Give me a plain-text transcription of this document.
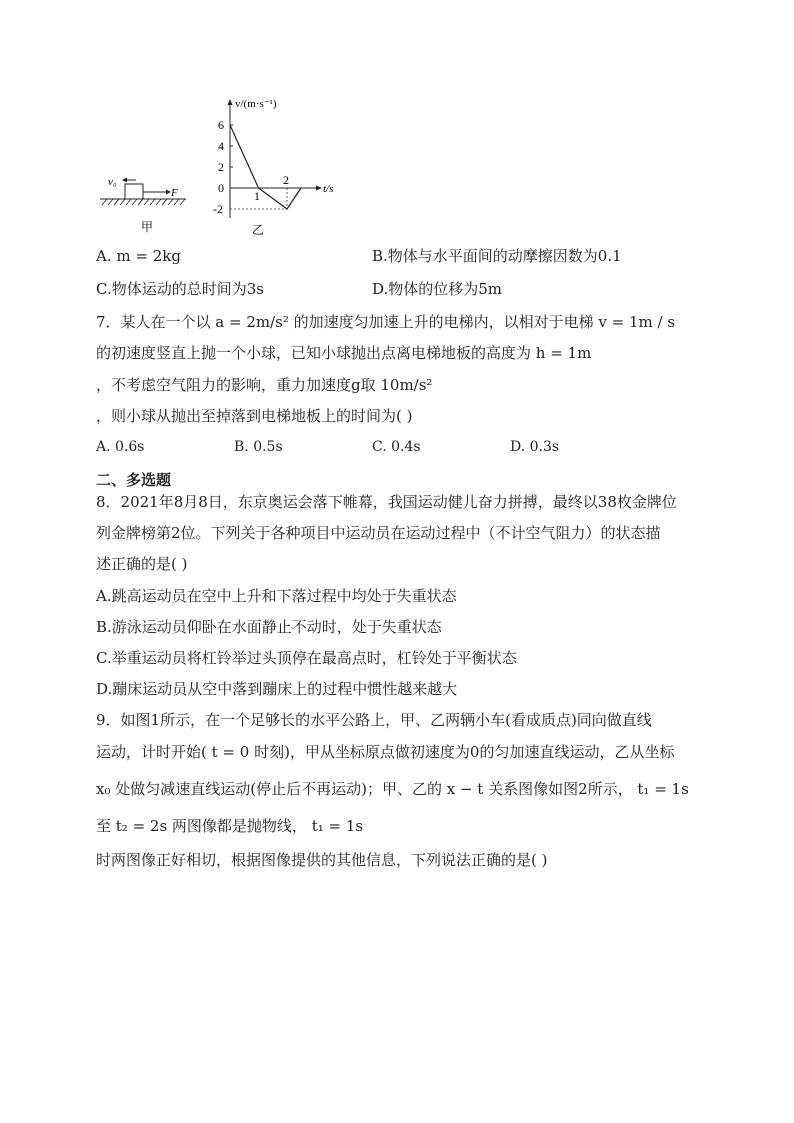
v₀
F
甲
v/(m·s⁻¹)
t/s
6
4
2
0
-2
1
2
乙
A. m = 2kg	B.物体与水平面间的动摩擦因数为0.1
C.物体运动的总时间为3s	D.物体的位移为5m
7．某人在一个以 a = 2m/s² 的加速度匀加速上升的电梯内，以相对于电梯 v = 1m / s
的初速度竖直上抛一个小球，已知小球抛出点离电梯地板的高度为 h = 1m
，不考虑空气阻力的影响，重力加速度g取 10m/s²
，则小球从抛出至掉落到电梯地板上的时间为( )
A. 0.6s	B. 0.5s	C. 0.4s	D. 0.3s
二、多选题
8．2021年8月8日，东京奥运会落下帷幕，我国运动健儿奋力拼搏，最终以38枚金牌位
列金牌榜第2位。下列关于各种项目中运动员在运动过程中（不计空气阻力）的状态描
述正确的是( )
A.跳高运动员在空中上升和下落过程中均处于失重状态
B.游泳运动员仰卧在水面静止不动时，处于失重状态
C.举重运动员将杠铃举过头顶停在最高点时，杠铃处于平衡状态
D.蹦床运动员从空中落到蹦床上的过程中惯性越来越大
9．如图1所示，在一个足够长的水平公路上，甲、乙两辆小车(看成质点)同向做直线
运动，计时开始( t = 0 时刻)，甲从坐标原点做初速度为0的匀加速直线运动，乙从坐标
x₀ 处做匀减速直线运动(停止后不再运动)；甲、乙的 x − t 关系图像如图2所示， t₁ = 1s
至 t₂ = 2s 两图像都是抛物线， t₁ = 1s
时两图像正好相切，根据图像提供的其他信息，下列说法正确的是( )
